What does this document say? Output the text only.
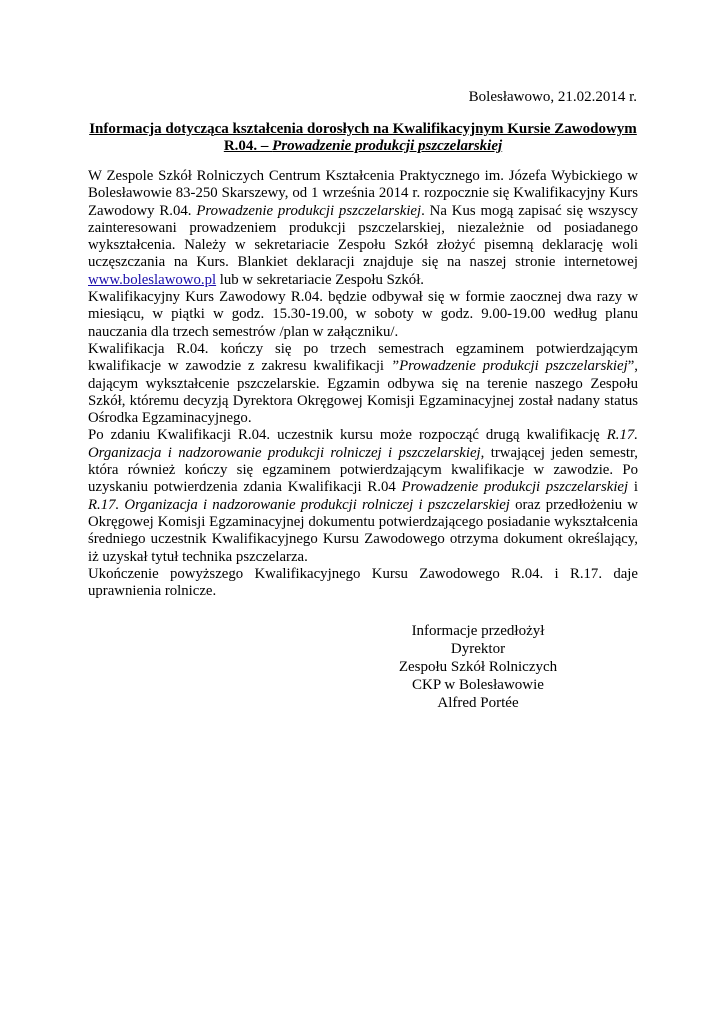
Bolesławowo, 21.02.2014 r.
Informacja dotycząca kształcenia dorosłych na Kwalifikacyjnym Kursie Zawodowym
R.04. – Prowadzenie produkcji pszczelarskiej

W Zespole Szkół Rolniczych Centrum Kształcenia Praktycznego im. Józefa Wybickiego w Bolesławowie 83-250 Skarszewy, od 1 września 2014 r. rozpocznie się Kwalifikacyjny Kurs Zawodowy R.04. Prowadzenie produkcji pszczelarskiej. Na Kus mogą zapisać się wszyscy zainteresowani prowadzeniem produkcji pszczelarskiej, niezależnie od posiadanego wykształcenia. Należy w sekretariacie Zespołu Szkół złożyć pisemną deklarację woli uczęszczania na Kurs. Blankiet deklaracji znajduje się na naszej stronie internetowej www.boleslawowo.pl lub w sekretariacie Zespołu Szkół.

Kwalifikacyjny Kurs Zawodowy R.04. będzie odbywał się w formie zaocznej dwa razy w miesiącu, w piątki w godz. 15.30-19.00, w soboty w godz. 9.00-19.00 według planu nauczania dla trzech semestrów /plan w załączniku/.

Kwalifikacja R.04. kończy się po trzech semestrach egzaminem potwierdzającym kwalifikacje w zawodzie z zakresu kwalifikacji ”Prowadzenie produkcji pszczelarskiej”, dającym wykształcenie pszczelarskie. Egzamin odbywa się na terenie naszego Zespołu Szkół, któremu decyzją Dyrektora Okręgowej Komisji Egzaminacyjnej został nadany status Ośrodka Egzaminacyjnego.

Po zdaniu Kwalifikacji R.04. uczestnik kursu może rozpocząć drugą kwalifikację R.17. Organizacja i nadzorowanie produkcji rolniczej i pszczelarskiej, trwającej jeden semestr, która również kończy się egzaminem potwierdzającym kwalifikacje w zawodzie. Po uzyskaniu potwierdzenia zdania Kwalifikacji R.04 Prowadzenie produkcji pszczelarskiej i R.17. Organizacja i nadzorowanie produkcji rolniczej i pszczelarskiej oraz przedłożeniu w Okręgowej Komisji Egzaminacyjnej dokumentu potwierdzającego posiadanie wykształcenia średniego uczestnik Kwalifikacyjnego Kursu Zawodowego otrzyma dokument określający, iż uzyskał tytuł technika pszczelarza.

Ukończenie powyższego Kwalifikacyjnego Kursu Zawodowego R.04. i R.17. daje uprawnienia rolnicze.

Informacje przedłożył
Dyrektor
Zespołu Szkół Rolniczych
CKP w Bolesławowie
Alfred Portée
